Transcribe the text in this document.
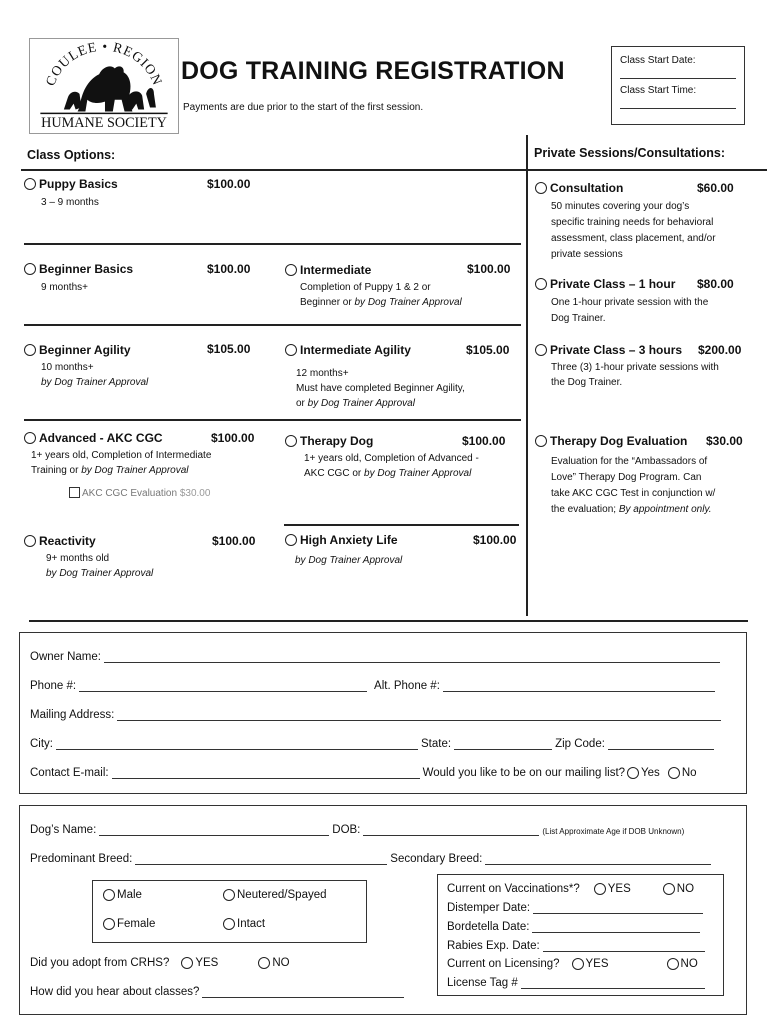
COULEE • REGION
HUMANE SOCIETY
DOG TRAINING REGISTRATION
Payments are due prior to the start of the first session.
Class Start Date:
Class Start Time:
Class Options:	Private Sessions/Consultations:
Puppy Basics	$100.00
3 – 9 months
Beginner Basics	$100.00
9 months+
Intermediate	$100.00
Completion of Puppy 1 & 2 or
Beginner or by Dog Trainer Approval
Beginner Agility	$105.00
10 months+
by Dog Trainer Approval
Intermediate Agility	$105.00
12 months+
Must have completed Beginner Agility,
or by Dog Trainer Approval
Advanced - AKC CGC	$100.00
1+ years old, Completion of Intermediate
Training or by Dog Trainer Approval
AKC CGC Evaluation $30.00
Therapy Dog	$100.00
1+ years old, Completion of Advanced -
AKC CGC or by Dog Trainer Approval
Reactivity	$100.00
9+ months old
by Dog Trainer Approval
High Anxiety Life	$100.00
by Dog Trainer Approval
Consultation	$60.00
50 minutes covering your dog’s
specific training needs for behavioral
assessment, class placement, and/or
private sessions
Private Class – 1 hour $80.00
One 1-hour private session with the
Dog Trainer.
Private Class – 3 hours $200.00
Three (3) 1-hour private sessions with
the Dog Trainer.
Therapy Dog Evaluation $30.00
Evaluation for the “Ambassadors of
Love” Therapy Dog Program. Can
take AKC CGC Test in conjunction w/
the evaluation; By appointment only.
Owner Name:
Phone #:	Alt. Phone #:
Mailing Address:
City:	State:	Zip Code:
Contact E-mail:	Would you like to be on our mailing list? Yes No
Dog’s Name:	DOB:	(List Approximate Age if DOB Unknown)
Predominant Breed:	Secondary Breed:
Male	Neutered/Spayed
Female	Intact
Did you adopt from CRHS? YES	NO
How did you hear about classes?
Current on Vaccinations*? YES	NO
Distemper Date:
Bordetella Date:
Rabies Exp. Date:
Current on Licensing? YES	NO
License Tag #
